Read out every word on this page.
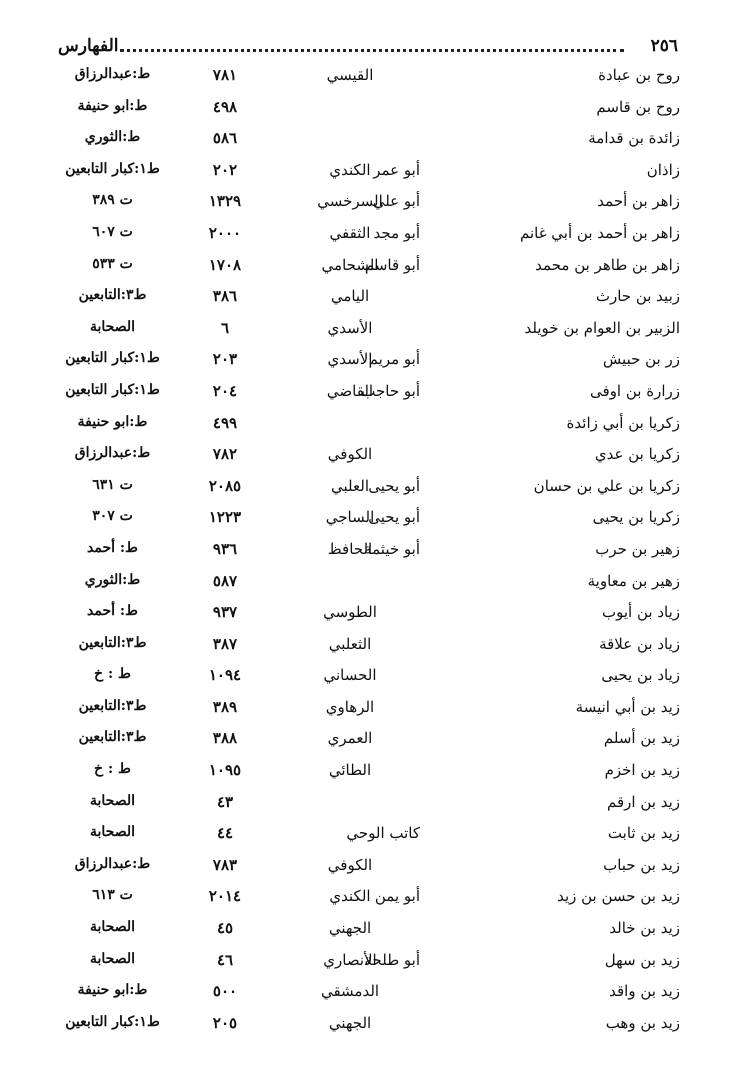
٢٥٦
الفهارس
روح بن عبادة
القيسي
٧٨١
ط:عبدالرزاق
روح بن قاسم
٤٩٨
ط:ابو حنيفة
زائدة بن قدامة
٥٨٦
ط:الثوري
زاذان
أبو عمر
الكندي
٢٠٢
ط١:كبار التابعين
زاهر بن أحمد
أبو علي
السرخسي
١٣٢٩
ت ٣٨٩
زاهر بن أحمد بن أبي غانم
أبو مجد
الثقفي
٢٠٠٠
ت ٦٠٧
زاهر بن طاهر بن محمد
أبو قاسم
الشحامي
١٧٠٨
ت ٥٣٣
زبيد بن حارث
اليامي
٣٨٦
ط٣:التابعين
الزبير بن العوام بن خويلد
الأسدي
٦
الصحابة
زر بن حبيش
أبو مريم
الأسدي
٢٠٣
ط١:كبار التابعين
زرارة بن اوفى
أبو حاجب
القاضي
٢٠٤
ط١:كبار التابعين
زكريا بن أبي زائدة
٤٩٩
ط:ابو حنيفة
زكريا بن عدي
الكوفي
٧٨٢
ط:عبدالرزاق
زكريا بن علي بن حسان
أبو يحيى
العلبي
٢٠٨٥
ت ٦٣١
زكريا بن يحيى
أبو يحيى
الساجي
١٢٢٣
ت ٣٠٧
زهير بن حرب
أبو خيثمة
الحافظ
٩٣٦
ط: أحمد
زهير بن معاوية
٥٨٧
ط:الثوري
زياد بن أيوب
الطوسي
٩٣٧
ط: أحمد
زياد بن علاقة
الثعلبي
٣٨٧
ط٣:التابعين
زياد بن يحيى
الحساني
١٠٩٤
ط : خ
زيد بن أبي انيسة
الرهاوي
٣٨٩
ط٣:التابعين
زيد بن أسلم
العمري
٣٨٨
ط٣:التابعين
زيد بن اخزم
الطائي
١٠٩٥
ط : خ
زيد بن ارقم
٤٣
الصحابة
زيد بن ثابت
كاتب الوحي
٤٤
الصحابة
زيد بن حباب
الكوفي
٧٨٣
ط:عبدالرزاق
زيد بن حسن بن زيد
أبو يمن
الكندي
٢٠١٤
ت ٦١٣
زيد بن خالد
الجهني
٤٥
الصحابة
زيد بن سهل
أبو طلحة
الأنصاري
٤٦
الصحابة
زيد بن واقد
الدمشقي
٥٠٠
ط:ابو حنيفة
زيد بن وهب
الجهني
٢٠٥
ط١:كبار التابعين
